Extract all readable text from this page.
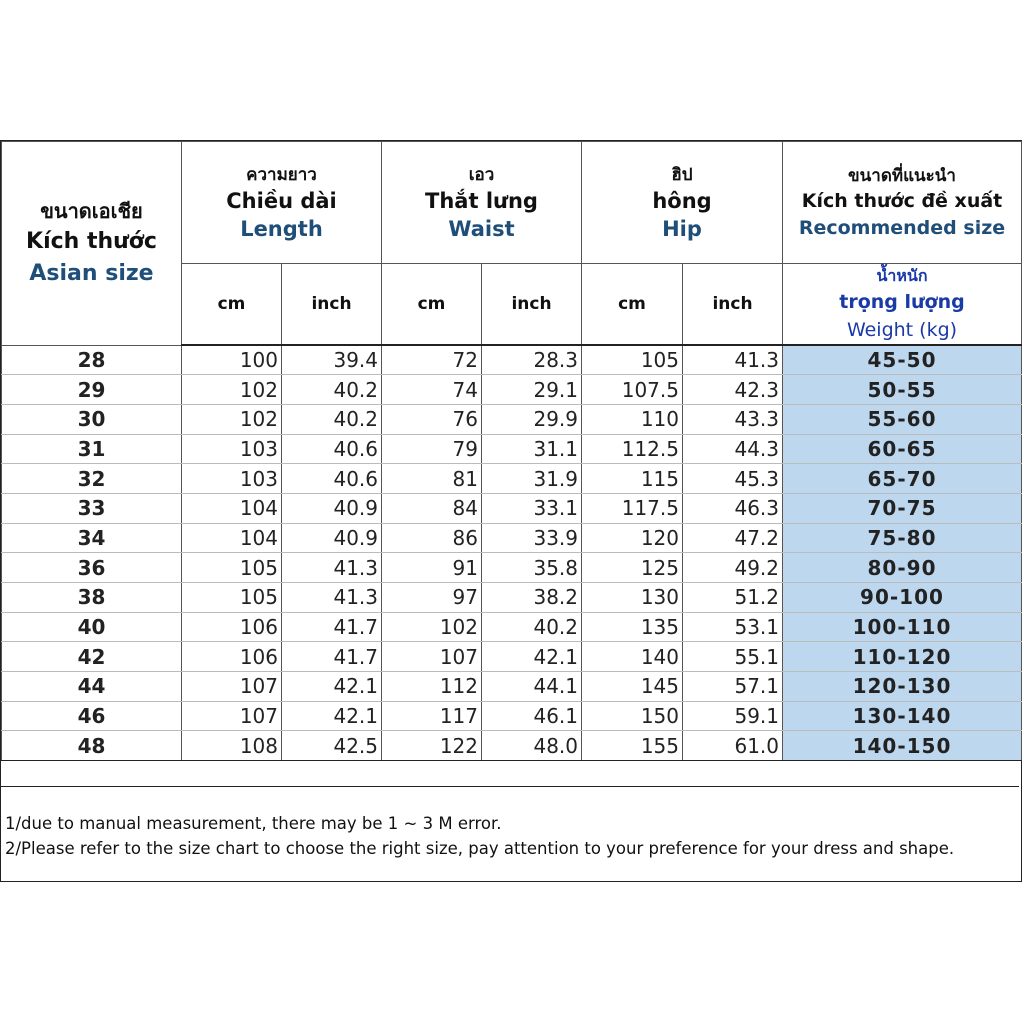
ขนาดเอเชีย
Kích thước
Asian size	ความยาว
Chiều dài
Length		เอว
Thắt lưng
Waist		ฮิป
hông
Hip		ขนาดที่แนะนำ
Kích thước đề xuất
Recommended size

	cm	inch	cm	inch	cm	inch	น้ำหนัก
trọng lượng
Weight (kg)

28	100	39.4	72	28.3	105	41.3	45-50
29	102	40.2	74	29.1	107.5	42.3	50-55
30	102	40.2	76	29.9	110	43.3	55-60
31	103	40.6	79	31.1	112.5	44.3	60-65
32	103	40.6	81	31.9	115	45.3	65-70
33	104	40.9	84	33.1	117.5	46.3	70-75
34	104	40.9	86	33.9	120	47.2	75-80
36	105	41.3	91	35.8	125	49.2	80-90
38	105	41.3	97	38.2	130	51.2	90-100
40	106	41.7	102	40.2	135	53.1	100-110
42	106	41.7	107	42.1	140	55.1	110-120
44	107	42.1	112	44.1	145	57.1	120-130
46	107	42.1	117	46.1	150	59.1	130-140
48	108	42.5	122	48.0	155	61.0	140-150
1/due to manual measurement, there may be 1 ~ 3 M error.
2/Please refer to the size chart to choose the right size, pay attention to your preference for your dress and shape.
